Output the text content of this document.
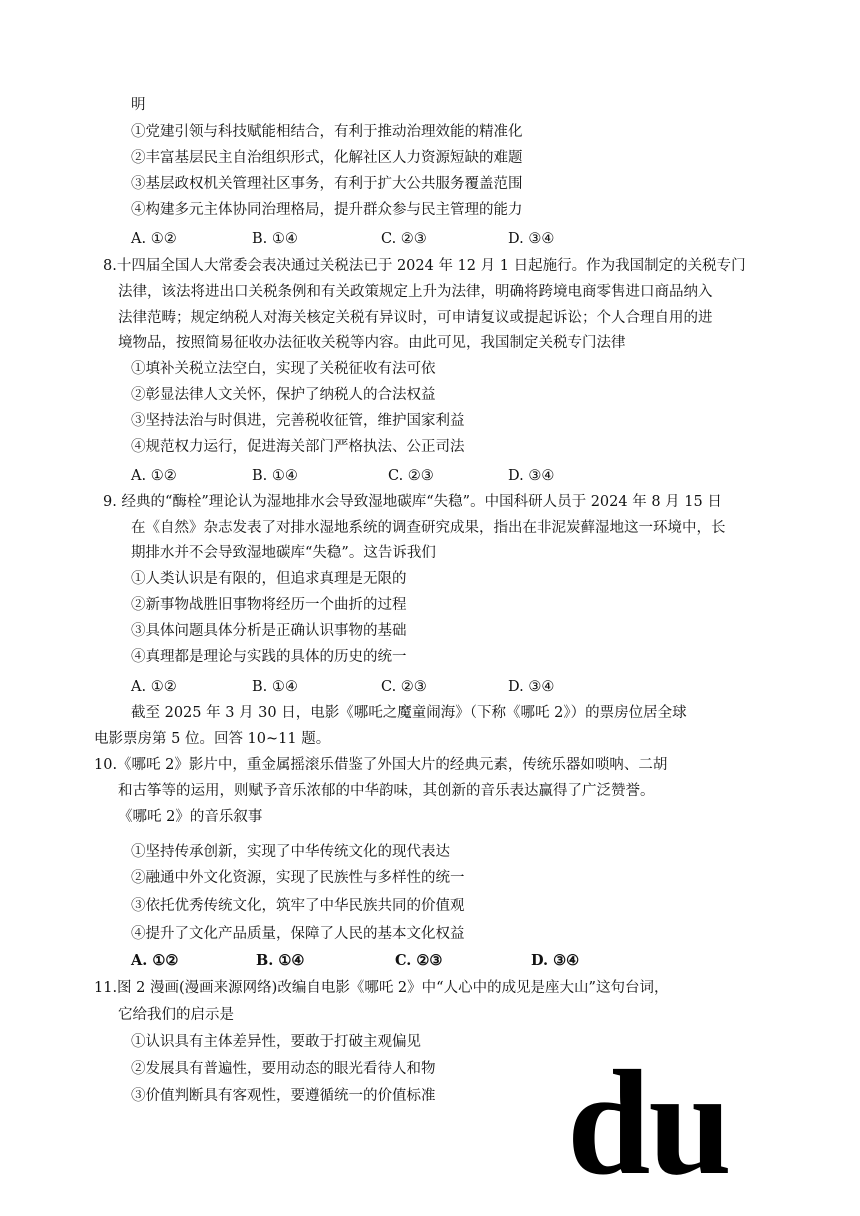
明
①党建引领与科技赋能相结合，有利于推动治理效能的精准化
②丰富基层民主自治组织形式，化解社区人力资源短缺的难题
③基层政权机关管理社区事务，有利于扩大公共服务覆盖范围
④构建多元主体协同治理格局，提升群众参与民主管理的能力
A. ①②	B. ①④	C. ②③	D. ③④
8.十四届全国人大常委会表决通过关税法已于 2024 年 12 月 1 日起施行。作为我国制定的关税专门
法律，该法将进出口关税条例和有关政策规定上升为法律，明确将跨境电商零售进口商品纳入
法律范畴；规定纳税人对海关核定关税有异议时，可申请复议或提起诉讼；个人合理自用的进
境物品，按照简易征收办法征收关税等内容。由此可见，我国制定关税专门法律
①填补关税立法空白，实现了关税征收有法可依
②彰显法律人文关怀，保护了纳税人的合法权益
③坚持法治与时俱进，完善税收征管，维护国家利益
④规范权力运行，促进海关部门严格执法、公正司法
A. ①②	B. ①④	C. ②③	D. ③④
9. 经典的“酶栓”理论认为湿地排水会导致湿地碳库“失稳”。中国科研人员于 2024 年 8 月 15 日
在《自然》杂志发表了对排水湿地系统的调查研究成果，指出在非泥炭藓湿地这一环境中，长
期排水并不会导致湿地碳库“失稳”。这告诉我们
①人类认识是有限的，但追求真理是无限的
②新事物战胜旧事物将经历一个曲折的过程
③具体问题具体分析是正确认识事物的基础
④真理都是理论与实践的具体的历史的统一
A. ①②	B. ①④	C. ②③	D. ③④
截至 2025 年 3 月 30 日，电影《哪吒之魔童闹海》（下称《哪吒 2》）的票房位居全球
电影票房第 5 位。回答 10~11 题。
10.《哪吒 2》影片中，重金属摇滚乐借鉴了外国大片的经典元素，传统乐器如唢呐、二胡
和古筝等的运用，则赋予音乐浓郁的中华韵味，其创新的音乐表达赢得了广泛赞誉。
《哪吒 2》的音乐叙事
①坚持传承创新，实现了中华传统文化的现代表达
②融通中外文化资源，实现了民族性与多样性的统一
③依托优秀传统文化，筑牢了中华民族共同的价值观
④提升了文化产品质量，保障了人民的基本文化权益
A. ①②	B. ①④	C. ②③	D. ③④
11.图 2 漫画(漫画来源网络)改编自电影《哪吒 2》中“人心中的成见是座大山”这句台词，
它给我们的启示是
①认识具有主体差异性，要敢于打破主观偏见
②发展具有普遍性，要用动态的眼光看待人和物
③价值判断具有客观性，要遵循统一的价值标准 du
